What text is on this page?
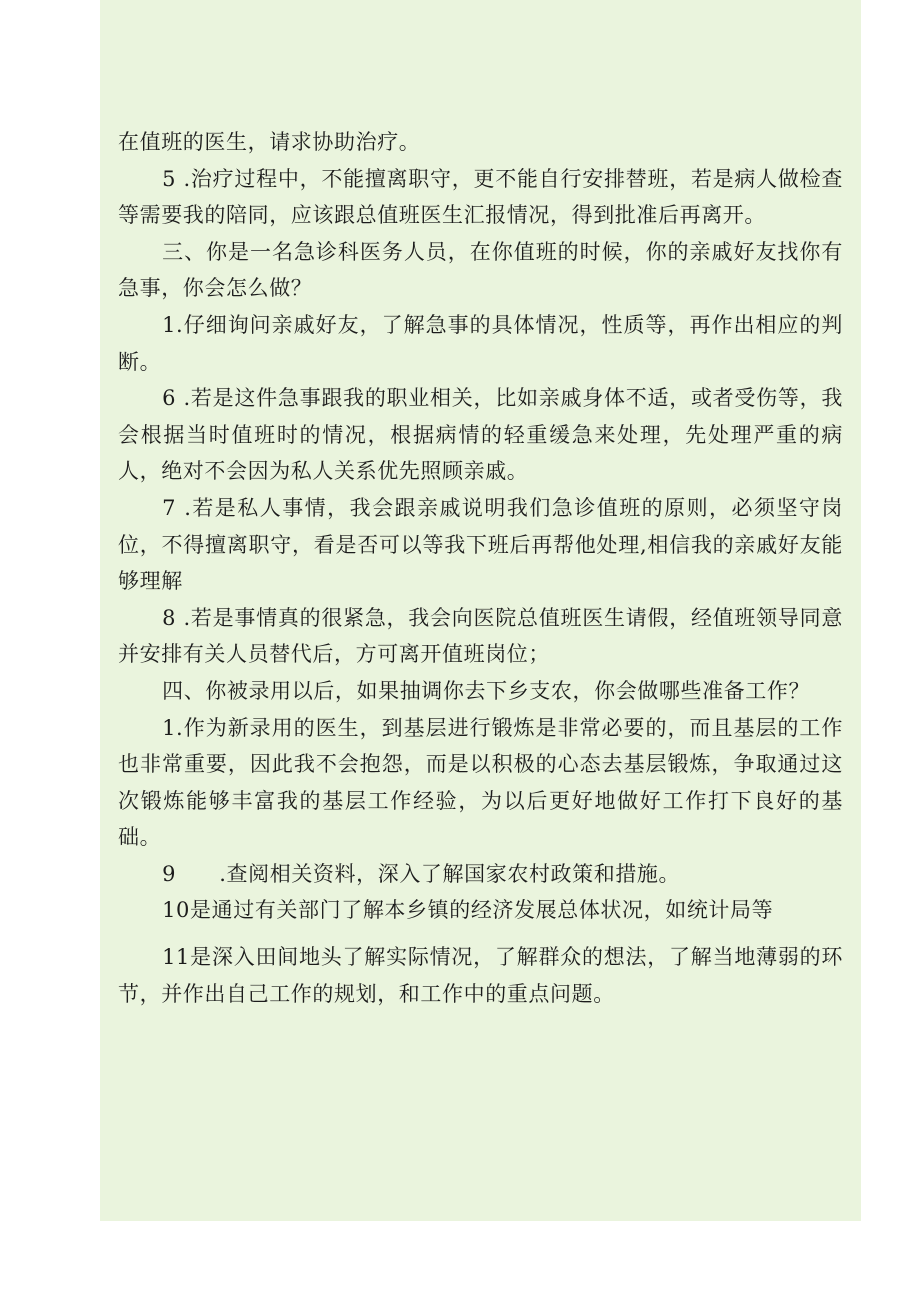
在值班的医生，请求协助治疗。

5 .治疗过程中，不能擅离职守，更不能自行安排替班，若是病人做检查等需要我的陪同，应该跟总值班医生汇报情况，得到批准后再离开。

三、你是一名急诊科医务人员，在你值班的时候，你的亲戚好友找你有急事，你会怎么做？

1.仔细询问亲戚好友，了解急事的具体情况，性质等，再作出相应的判断。

6 .若是这件急事跟我的职业相关，比如亲戚身体不适，或者受伤等，我会根据当时值班时的情况，根据病情的轻重缓急来处理，先处理严重的病人，绝对不会因为私人关系优先照顾亲戚。

7 .若是私人事情，我会跟亲戚说明我们急诊值班的原则，必须坚守岗位，不得擅离职守，看是否可以等我下班后再帮他处理,相信我的亲戚好友能够理解

8 .若是事情真的很紧急，我会向医院总值班医生请假，经值班领导同意并安排有关人员替代后，方可离开值班岗位；

四、你被录用以后，如果抽调你去下乡支农，你会做哪些准备工作？

1.作为新录用的医生，到基层进行锻炼是非常必要的，而且基层的工作也非常重要，因此我不会抱怨，而是以积极的心态去基层锻炼，争取通过这次锻炼能够丰富我的基层工作经验，为以后更好地做好工作打下良好的基础。

9　　.查阅相关资料，深入了解国家农村政策和措施。

10是通过有关部门了解本乡镇的经济发展总体状况，如统计局等

11是深入田间地头了解实际情况，了解群众的想法，了解当地薄弱的环节，并作出自己工作的规划，和工作中的重点问题。
